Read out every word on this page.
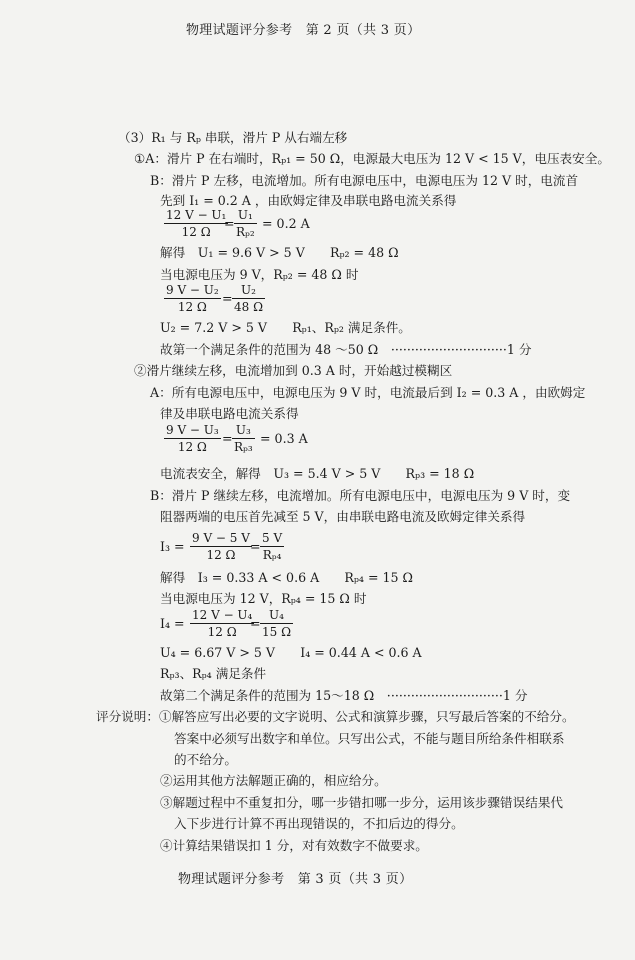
物理试题评分参考　第 2 页（共 3 页）
（3）R₁ 与 Rₚ 串联，滑片 P 从右端左移
①A：滑片 P 在右端时，Rₚ₁ = 50 Ω，电源最大电压为 12 V < 15 V，电压表安全。
B：滑片 P 左移，电流增加。所有电源电压中，电源电压为 12 V 时，电流首
先到 I₁ = 0.2 A ，由欧姆定律及串联电路电流关系得
12 V − U₁
12 Ω
=
U₁
Rₚ₂
= 0.2 A
解得　U₁ = 9.6 V > 5 V　　Rₚ₂ = 48 Ω
当电源电压为 9 V，Rₚ₂ = 48 Ω 时
9 V − U₂
12 Ω
=
U₂
48 Ω
U₂ = 7.2 V > 5 V　　Rₚ₁、Rₚ₂ 满足条件。
故第一个满足条件的范围为 48 ～50 Ω　·····························1 分
②滑片继续左移，电流增加到 0.3 A 时，开始越过模糊区
A：所有电源电压中，电源电压为 9 V 时，电流最后到 I₂ = 0.3 A ，由欧姆定
律及串联电路电流关系得
9 V − U₃
12 Ω
=
U₃
Rₚ₃
= 0.3 A
电流表安全，解得　U₃ = 5.4 V > 5 V　　Rₚ₃ = 18 Ω
B：滑片 P 继续左移，电流增加。所有电源电压中，电源电压为 9 V 时，变
阻器两端的电压首先减至 5 V，由串联电路电流及欧姆定律关系得
I₃ =
9 V − 5 V
12 Ω
=
5 V
Rₚ₄
解得　I₃ = 0.33 A < 0.6 A　　Rₚ₄ = 15 Ω
当电源电压为 12 V，Rₚ₄ = 15 Ω 时
I₄ =
12 V − U₄
12 Ω
=
U₄
15 Ω
U₄ = 6.67 V > 5 V　　I₄ = 0.44 A < 0.6 A
Rₚ₃、Rₚ₄ 满足条件
故第二个满足条件的范围为 15～18 Ω　·····························1 分
评分说明：①解答应写出必要的文字说明、公式和演算步骤，只写最后答案的不给分。
答案中必须写出数字和单位。只写出公式，不能与题目所给条件相联系
的不给分。
②运用其他方法解题正确的，相应给分。
③解题过程中不重复扣分，哪一步错扣哪一步分，运用该步骤错误结果代
入下步进行计算不再出现错误的，不扣后边的得分。
④计算结果错误扣 1 分，对有效数字不做要求。
物理试题评分参考　第 3 页（共 3 页）
